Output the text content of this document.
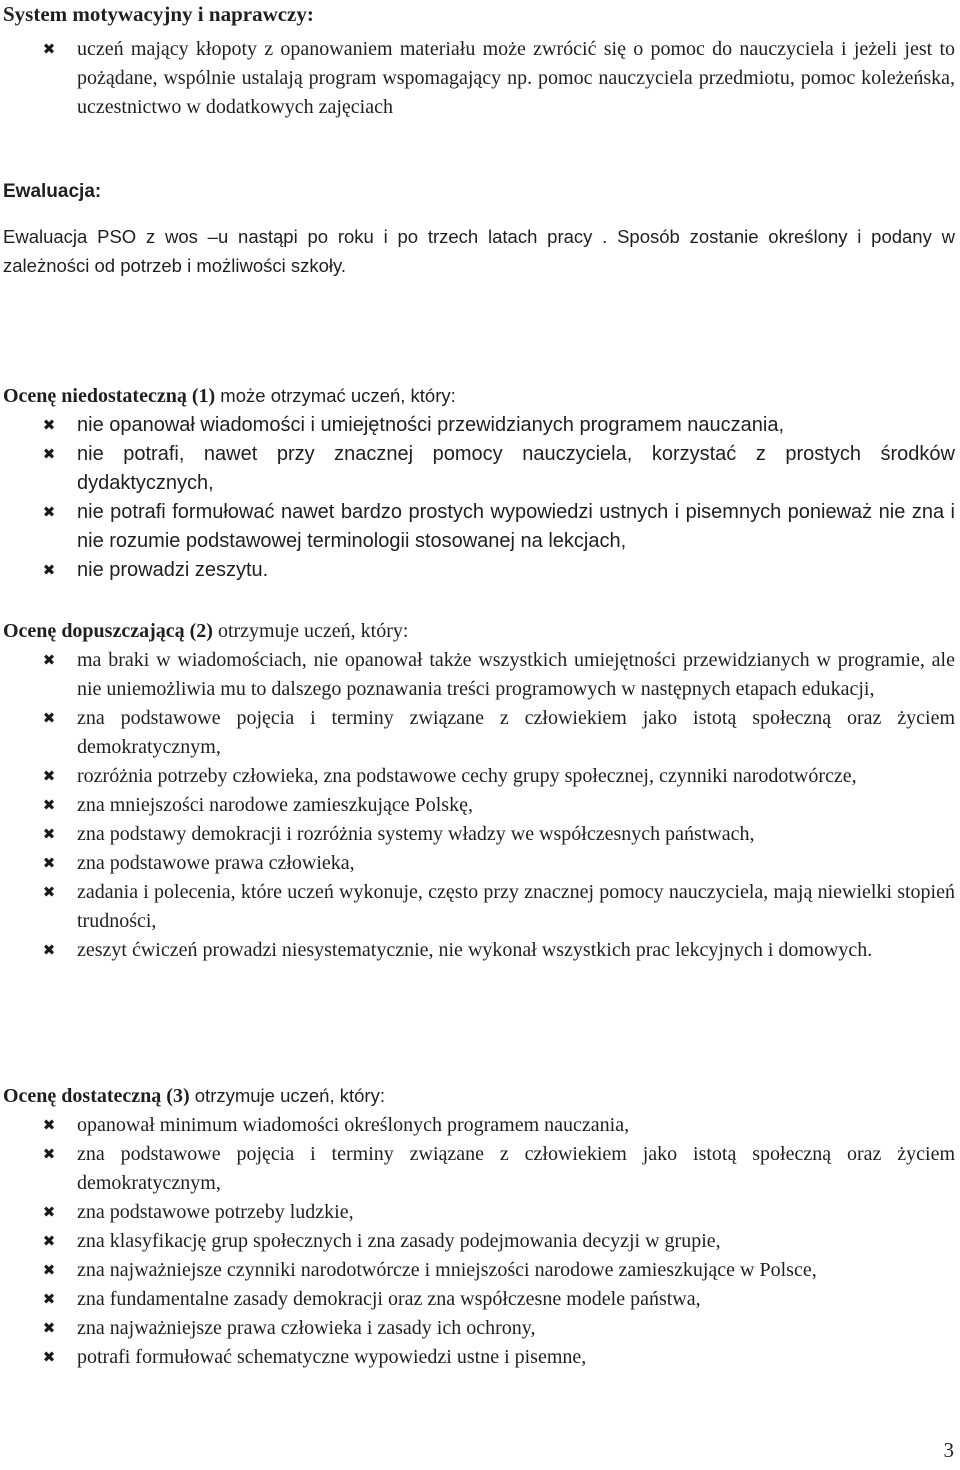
System motywacyjny i naprawczy:
✖ uczeń mający kłopoty z opanowaniem materiału może zwrócić się o pomoc do nauczyciela i jeżeli jest to pożądane, wspólnie ustalają program wspomagający np. pomoc nauczyciela przedmiotu, pomoc koleżeńska, uczestnictwo w dodatkowych zajęciach
Ewaluacja:
Ewaluacja PSO z wos –u nastąpi po roku i po trzech latach pracy . Sposób zostanie określony i podany w zależności od potrzeb i możliwości szkoły.
Ocenę niedostateczną (1) może otrzymać uczeń, który:
✖ nie opanował wiadomości i umiejętności przewidzianych programem nauczania,
✖ nie potrafi, nawet przy znacznej pomocy nauczyciela, korzystać z prostych środków dydaktycznych,
✖ nie potrafi formułować nawet bardzo prostych wypowiedzi ustnych i pisemnych ponieważ nie zna i nie rozumie podstawowej terminologii stosowanej na lekcjach,
✖ nie prowadzi zeszytu.
Ocenę dopuszczającą (2) otrzymuje uczeń, który:
✖ ma braki w wiadomościach, nie opanował także wszystkich umiejętności przewidzianych w programie, ale nie uniemożliwia mu to dalszego poznawania treści programowych w następnych etapach edukacji,
✖ zna podstawowe pojęcia i terminy związane z człowiekiem jako istotą społeczną oraz życiem demokratycznym,
✖ rozróżnia potrzeby człowieka, zna podstawowe cechy grupy społecznej, czynniki narodotwórcze,
✖ zna mniejszości narodowe zamieszkujące Polskę,
✖ zna podstawy demokracji i rozróżnia systemy władzy we współczesnych państwach,
✖ zna podstawowe prawa człowieka,
✖ zadania i polecenia, które uczeń wykonuje, często przy znacznej pomocy nauczyciela, mają niewielki stopień trudności,
✖ zeszyt ćwiczeń prowadzi niesystematycznie, nie wykonał wszystkich prac lekcyjnych i domowych.
Ocenę dostateczną (3) otrzymuje uczeń, który:
✖ opanował minimum wiadomości określonych programem nauczania,
✖ zna podstawowe pojęcia i terminy związane z człowiekiem jako istotą społeczną oraz życiem demokratycznym,
✖ zna podstawowe potrzeby ludzkie,
✖ zna klasyfikację grup społecznych i zna zasady podejmowania decyzji w grupie,
✖ zna najważniejsze czynniki narodotwórcze i mniejszości narodowe zamieszkujące w Polsce,
✖ zna fundamentalne zasady demokracji oraz zna współczesne modele państwa,
✖ zna najważniejsze prawa człowieka i zasady ich ochrony,
✖ potrafi formułować schematyczne wypowiedzi ustne i pisemne,
3
